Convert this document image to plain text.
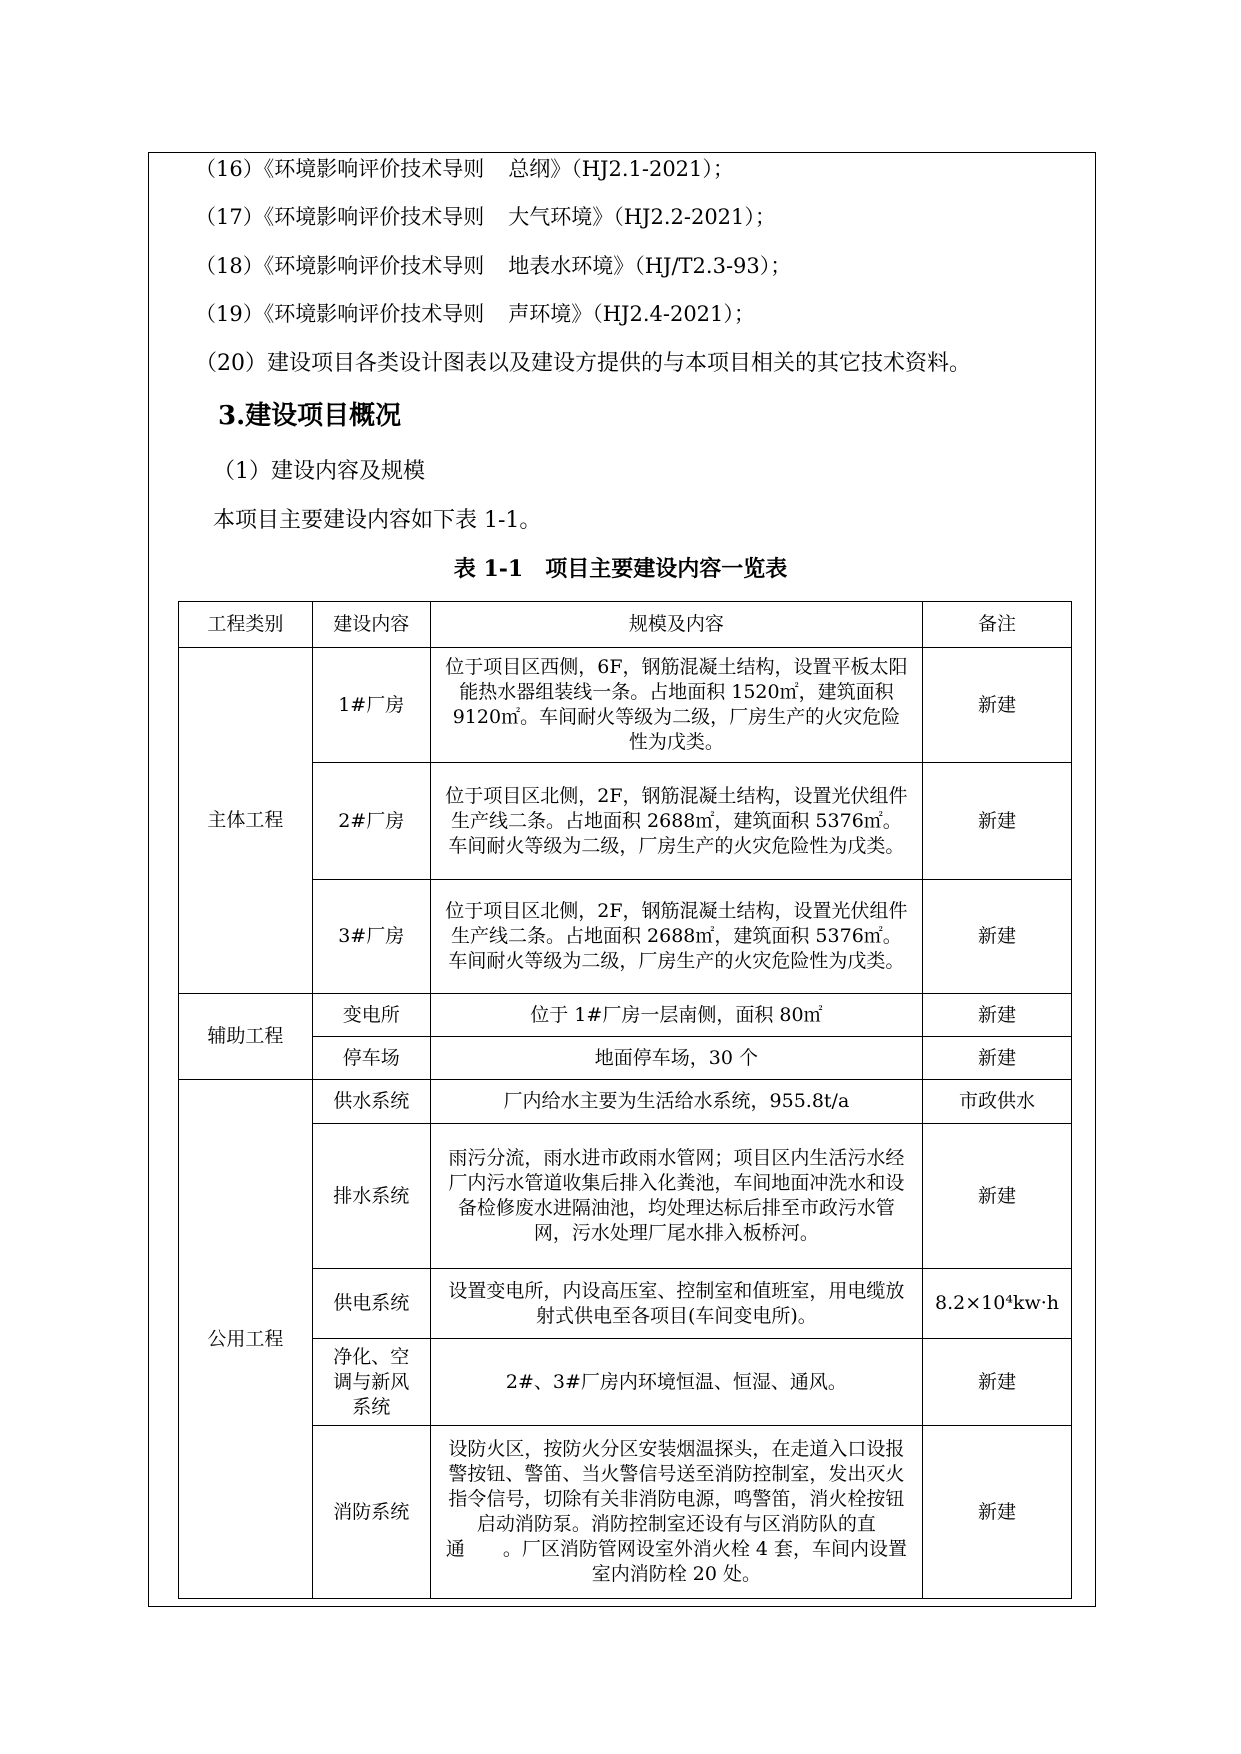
（16）《环境影响评价技术导则 总纲》（HJ2.1-2021）；
（17）《环境影响评价技术导则 大气环境》（HJ2.2-2021）；
（18）《环境影响评价技术导则 地表水环境》（HJ/T2.3-93）；
（19）《环境影响评价技术导则 声环境》（HJ2.4-2021）；
（20）建设项目各类设计图表以及建设方提供的与本项目相关的其它技术资料。
3.建设项目概况
（1）建设内容及规模
本项目主要建设内容如下表 1-1。
表 1-1　项目主要建设内容一览表
工程类别	建设内容	规模及内容	备注
主体工程	1#厂房	位于项目区西侧，6F，钢筋混凝土结构，设置平板太阳能热水器组装线一条。占地面积 1520㎡，建筑面积 9120㎡。车间耐火等级为二级，厂房生产的火灾危险性为戊类。	新建
	2#厂房	位于项目区北侧，2F，钢筋混凝土结构，设置光伏组件生产线二条。占地面积 2688㎡，建筑面积 5376㎡。车间耐火等级为二级，厂房生产的火灾危险性为戊类。	新建
	3#厂房	位于项目区北侧，2F，钢筋混凝土结构，设置光伏组件生产线二条。占地面积 2688㎡，建筑面积 5376㎡。车间耐火等级为二级，厂房生产的火灾危险性为戊类。	新建
辅助工程	变电所	位于 1#厂房一层南侧，面积 80㎡	新建
	停车场	地面停车场，30 个	新建
公用工程	供水系统	厂内给水主要为生活给水系统，955.8t/a	市政供水
	排水系统	雨污分流，雨水进市政雨水管网；项目区内生活污水经厂内污水管道收集后排入化粪池，车间地面冲洗水和设备检修废水进隔油池，均处理达标后排至市政污水管网，污水处理厂尾水排入板桥河。	新建
	供电系统	设置变电所，内设高压室、控制室和值班室，用电缆放射式供电至各项目(车间变电所)。	8.2×10⁴kw·h
	净化、空调与新风系统	2#、3#厂房内环境恒温、恒湿、通风。	新建
	消防系统	设防火区，按防火分区安装烟温探头，在走道入口设报警按钮、警笛、当火警信号送至消防控制室，发出灭火指令信号，切除有关非消防电源，鸣警笛，消火栓按钮启动消防泵。消防控制室还设有与区消防队的直通　　。厂区消防管网设室外消火栓 4 套，车间内设置室内消防栓 20 处。	新建
